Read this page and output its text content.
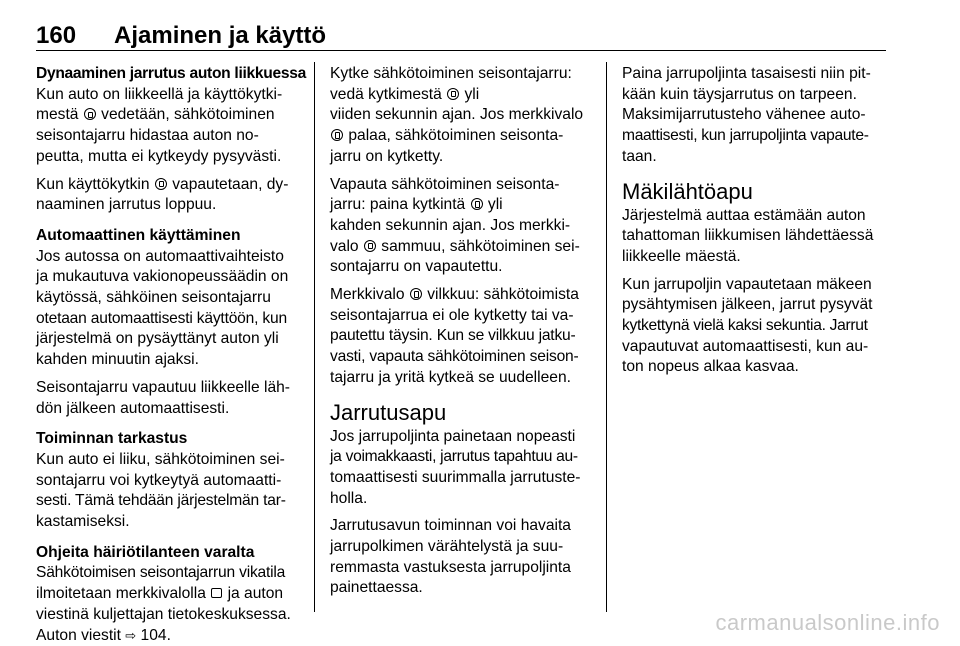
160 Ajaminen ja käyttö
Dynaaminen jarrutus auton liikkuessa
Kun auto on liikkeellä ja käyttökytki-
mestä vedetään, sähkötoiminen
seisontajarru hidastaa auton no-
peutta, mutta ei kytkeydy pysyvästi.
Kun käyttökytkin vapautetaan, dy-
naaminen jarrutus loppuu.
Automaattinen käyttäminen
Jos autossa on automaattivaihteisto
ja mukautuva vakionopeussäädin on
käytössä, sähköinen seisontajarru
otetaan automaattisesti käyttöön, kun
järjestelmä on pysäyttänyt auton yli
kahden minuutin ajaksi.
Seisontajarru vapautuu liikkeelle läh-
dön jälkeen automaattisesti.
Toiminnan tarkastus
Kun auto ei liiku, sähkötoiminen sei-
sontajarru voi kytkeytyä automaatti-
sesti. Tämä tehdään järjestelmän tar-
kastamiseksi.
Ohjeita häiriötilanteen varalta
Sähkötoimisen seisontajarrun vikatila
ilmoitetaan merkkivalolla ja auton
viestinä kuljettajan tietokeskuksessa.
Auton viestit ⇨ 104.
Kytke sähkötoiminen seisontajarru:
vedä kytkimestä yli
viiden sekunnin ajan. Jos merkkivalo
palaa, sähkötoiminen seisonta-
jarru on kytketty.
Vapauta sähkötoiminen seisonta-
jarru: paina kytkintä yli
kahden sekunnin ajan. Jos merkki-
valo sammuu, sähkötoiminen sei-
sontajarru on vapautettu.
Merkkivalo vilkkuu: sähkötoimista
seisontajarrua ei ole kytketty tai va-
pautettu täysin. Kun se vilkkuu jatku-
vasti, vapauta sähkötoiminen seison-
tajarru ja yritä kytkeä se uudelleen.
Jarrutusapu
Jos jarrupoljinta painetaan nopeasti
ja voimakkaasti, jarrutus tapahtuu au-
tomaattisesti suurimmalla jarrutuste-
holla.
Jarrutusavun toiminnan voi havaita
jarrupolkimen värähtelystä ja suu-
remmasta vastuksesta jarrupoljinta
painettaessa.
Paina jarrupoljinta tasaisesti niin pit-
kään kuin täysjarrutus on tarpeen.
Maksimijarrutusteho vähenee auto-
maattisesti, kun jarrupoljinta vapaute-
taan.
Mäkilähtöapu
Järjestelmä auttaa estämään auton
tahattoman liikkumisen lähdettäessä
liikkeelle mäestä.
Kun jarrupoljin vapautetaan mäkeen
pysähtymisen jälkeen, jarrut pysyvät
kytkettynä vielä kaksi sekuntia. Jarrut
vapautuvat automaattisesti, kun au-
ton nopeus alkaa kasvaa.
carmanualsonline.info
